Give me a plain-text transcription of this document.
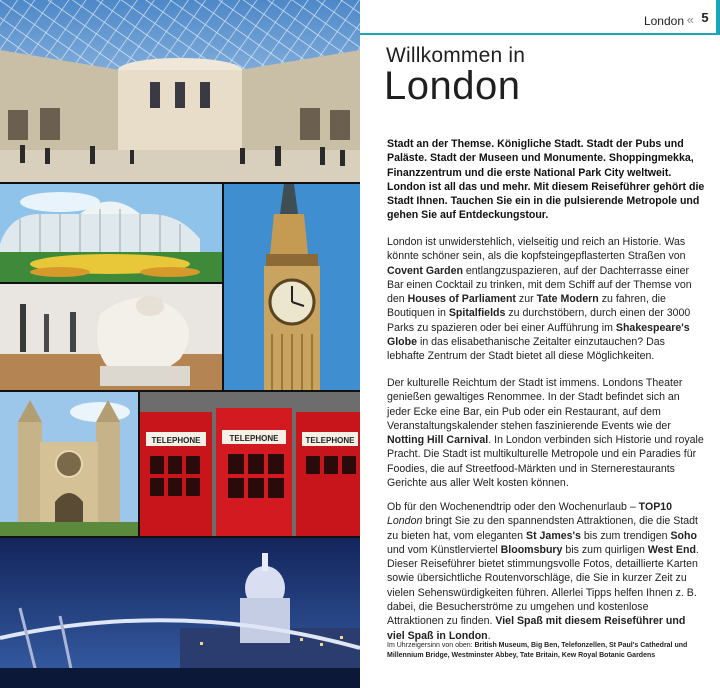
TELEPHONE	TELEPHONE	TELEPHONE
London « 5
Willkommen in
London
Stadt an der Themse. Königliche Stadt. Stadt der Pubs und Paläste. Stadt der Museen und Monumente. Shoppingmekka, Finanzzentrum und die erste National Park City weltweit. London ist all das und mehr. Mit diesem Reiseführer gehört die Stadt Ihnen. Tauchen Sie ein in die pulsierende Metropole und gehen Sie auf Entdeckungstour.
London ist unwiderstehlich, vielseitig und reich an Historie. Was könnte schöner sein, als die kopfsteingepflasterten Straßen von Covent Garden entlangzuspazieren, auf der Dachterrasse einer Bar einen Cocktail zu trinken, mit dem Schiff auf der Themse von den Houses of Parliament zur Tate Modern zu fahren, die Boutiquen in Spitalfields zu durchstöbern, durch einen der 3000 Parks zu spazieren oder bei einer Aufführung im Shakespeare's Globe in das elisabethanische Zeitalter einzutauchen? Das lebhafte Zentrum der Stadt bietet all diese Möglichkeiten.
Der kulturelle Reichtum der Stadt ist immens. Londons Theater genießen gewaltiges Renommee. In der Stadt befindet sich an jeder Ecke eine Bar, ein Pub oder ein Restaurant, auf dem Veranstaltungskalender stehen faszinierende Events wie der Notting Hill Carnival. In London verbinden sich Historie und royale Pracht. Die Stadt ist multikulturelle Metropole und ein Paradies für Foodies, die auf Streetfood-Märkten und in Sternerestaurants Gerichte aus aller Welt kosten können.
Ob für den Wochenendtrip oder den Wochenurlaub – TOP10 London bringt Sie zu den spannendsten Attraktionen, die die Stadt zu bieten hat, vom eleganten St James's bis zum trendigen Soho und vom Künstlerviertel Bloomsbury bis zum quirligen West End. Dieser Reiseführer bietet stimmungsvolle Fotos, detaillierte Karten sowie übersichtliche Routenvorschläge, die Sie in kurzer Zeit zu vielen Sehenswürdigkeiten führen. Allerlei Tipps helfen Ihnen z. B. dabei, die Besucherströme zu umgehen und kostenlose Attraktionen zu finden. Viel Spaß mit diesem Reiseführer und viel Spaß in London.
Im Uhrzeigersinn von oben: British Museum, Big Ben, Telefonzellen, St Paul's Cathedral und Millennium Bridge, Westminster Abbey, Tate Britain, Kew Royal Botanic Gardens
